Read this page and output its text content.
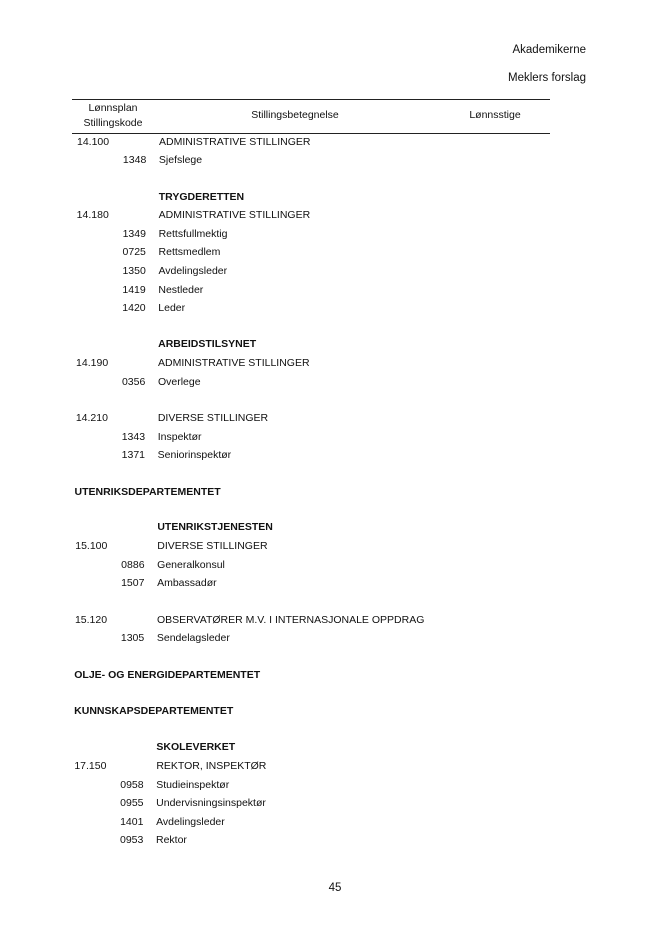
Akademikerne
Meklers forslag
Lønnsplan
Stillingskode
Stillingsbetegnelse	Lønnsstige
14.100	ADMINISTRATIVE STILLINGER
1348 Sjefslege
TRYGDERETTEN
14.180	ADMINISTRATIVE STILLINGER
1349 Rettsfullmektig
0725 Rettsmedlem
1350 Avdelingsleder
1419 Nestleder
1420 Leder
ARBEIDSTILSYNET
14.190	ADMINISTRATIVE STILLINGER
0356 Overlege
14.210	DIVERSE STILLINGER
1343 Inspektør
1371 Seniorinspektør
UTENRIKSDEPARTEMENTET
UTENRIKSTJENESTEN
15.100	DIVERSE STILLINGER
0886 Generalkonsul
1507 Ambassadør
15.120	OBSERVATØRER M.V. I INTERNASJONALE OPPDRAG
1305 Sendelagsleder
OLJE- OG ENERGIDEPARTEMENTET
KUNNSKAPSDEPARTEMENTET
SKOLEVERKET
17.150	REKTOR, INSPEKTØR
0958 Studieinspektør
0955 Undervisningsinspektør
1401 Avdelingsleder
0953 Rektor
45
